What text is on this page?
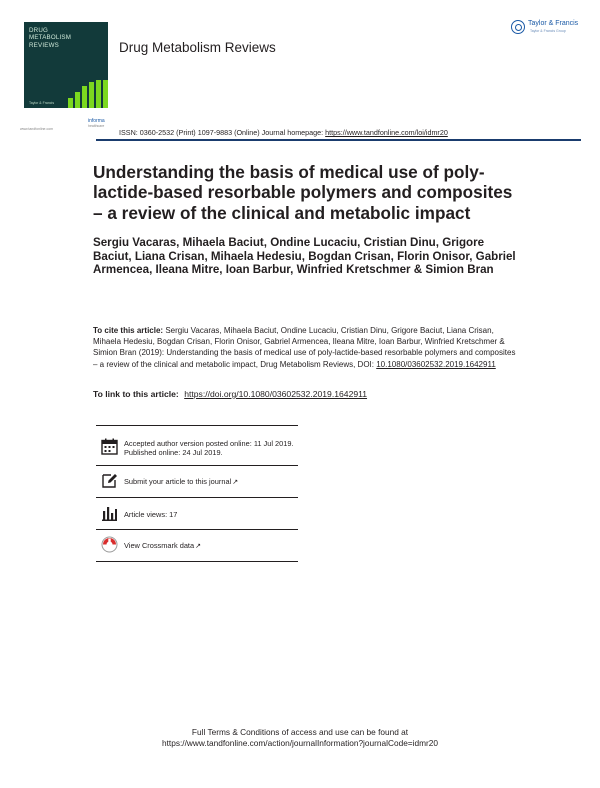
DRUG
METABOLISM
REVIEWS
Taylor & Francis
Drug Metabolism Reviews
Taylor & Francis
Taylor & Francis Group
www.tandfonline.com
informa
healthcare
ISSN: 0360-2532 (Print) 1097-9883 (Online) Journal homepage: https://www.tandfonline.com/loi/idmr20
Understanding the basis of medical use of poly-lactide-based resorbable polymers and composites – a review of the clinical and metabolic impact
Sergiu Vacaras, Mihaela Baciut, Ondine Lucaciu, Cristian Dinu, Grigore Baciut, Liana Crisan, Mihaela Hedesiu, Bogdan Crisan, Florin Onisor, Gabriel Armencea, Ileana Mitre, Ioan Barbur, Winfried Kretschmer & Simion Bran
To cite this article: Sergiu Vacaras, Mihaela Baciut, Ondine Lucaciu, Cristian Dinu, Grigore Baciut, Liana Crisan, Mihaela Hedesiu, Bogdan Crisan, Florin Onisor, Gabriel Armencea, Ileana Mitre, Ioan Barbur, Winfried Kretschmer & Simion Bran (2019): Understanding the basis of medical use of poly-lactide-based resorbable polymers and composites – a review of the clinical and metabolic impact, Drug Metabolism Reviews, DOI: 10.1080/03602532.2019.1642911
To link to this article: https://doi.org/10.1080/03602532.2019.1642911
Accepted author version posted online: 11 Jul 2019.
Published online: 24 Jul 2019.
Submit your article to this journal↗
Article views: 17
View Crossmark data↗
Full Terms & Conditions of access and use can be found at
https://www.tandfonline.com/action/journalInformation?journalCode=idmr20
